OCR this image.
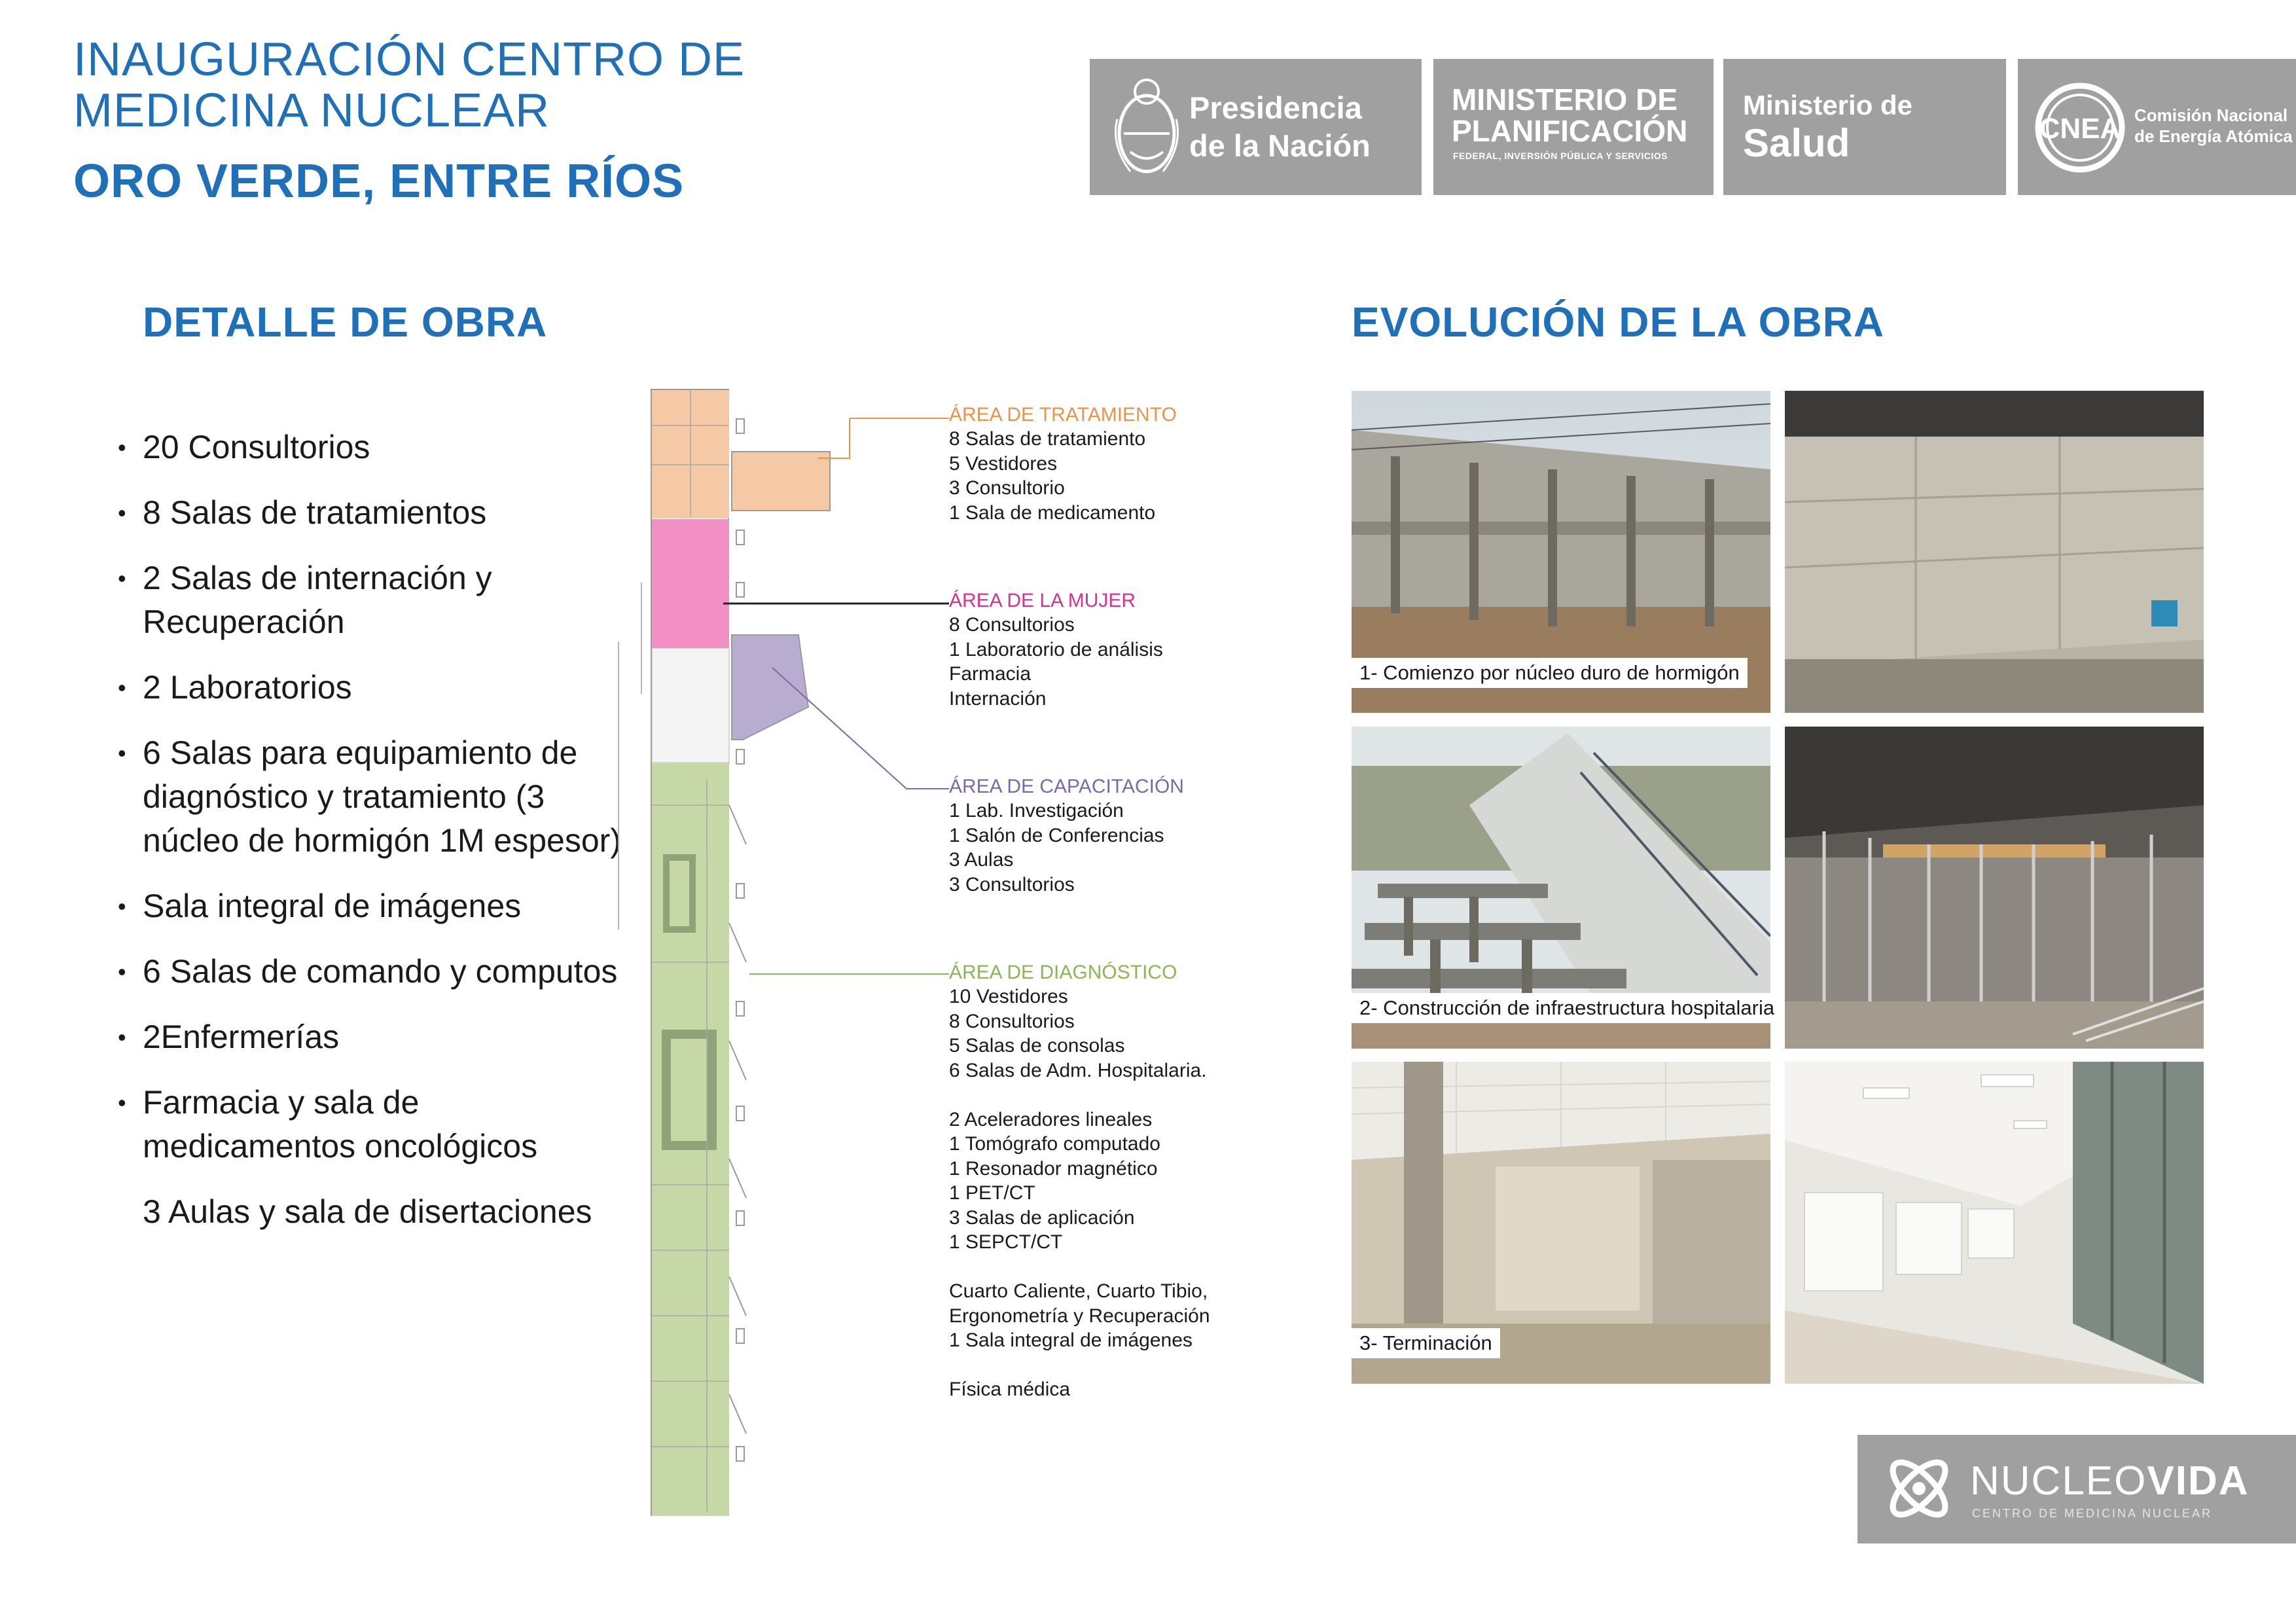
INAUGURACIÓN CENTRO DE
MEDICINA NUCLEAR
ORO VERDE, ENTRE RÍOS
Presidencia
de la Nación
MINISTERIO DE
PLANIFICACIÓN
FEDERAL, INVERSIÓN PÚBLICA Y SERVICIOS
Ministerio de
Salud	CNEA Comisión Nacional
de Energía Atómica
DETALLE DE OBRA	EVOLUCIÓN DE LA OBRA
• 20 Consultorios
• 8 Salas de tratamientos
• 2 Salas de internación y Recuperación
• 2 Laboratorios
• 6 Salas para equipamiento de diagnóstico y tratamiento (3 núcleo de hormigón 1M espesor)
• Sala integral de imágenes
• 6 Salas de comando y computos
• 2Enfermerías
• Farmacia y sala de medicamentos oncológicos
3 Aulas y sala de disertaciones
ÁREA DE TRATAMIENTO
8 Salas de tratamiento
5 Vestidores
3 Consultorio
1 Sala de medicamento
ÁREA DE LA MUJER
8 Consultorios
1 Laboratorio de análisis
Farmacia
Internación
ÁREA DE CAPACITACIÓN
1 Lab. Investigación
1 Salón de Conferencias
3 Aulas
3 Consultorios
ÁREA DE DIAGNÓSTICO
10 Vestidores
8 Consultorios
5 Salas de consolas
6 Salas de Adm. Hospitalaria.

2 Aceleradores lineales
1 Tomógrafo computado
1 Resonador magnético
1 PET/CT
3 Salas de aplicación
1 SEPCT/CT

Cuarto Caliente, Cuarto Tibio,
Ergonometría y Recuperación
1 Sala integral de imágenes

Física médica
1- Comienzo por núcleo duro de hormigón
2- Construcción de infraestructura hospitalaria
3- Terminación
NUCLEOVIDA
CENTRO DE MEDICINA NUCLEAR
